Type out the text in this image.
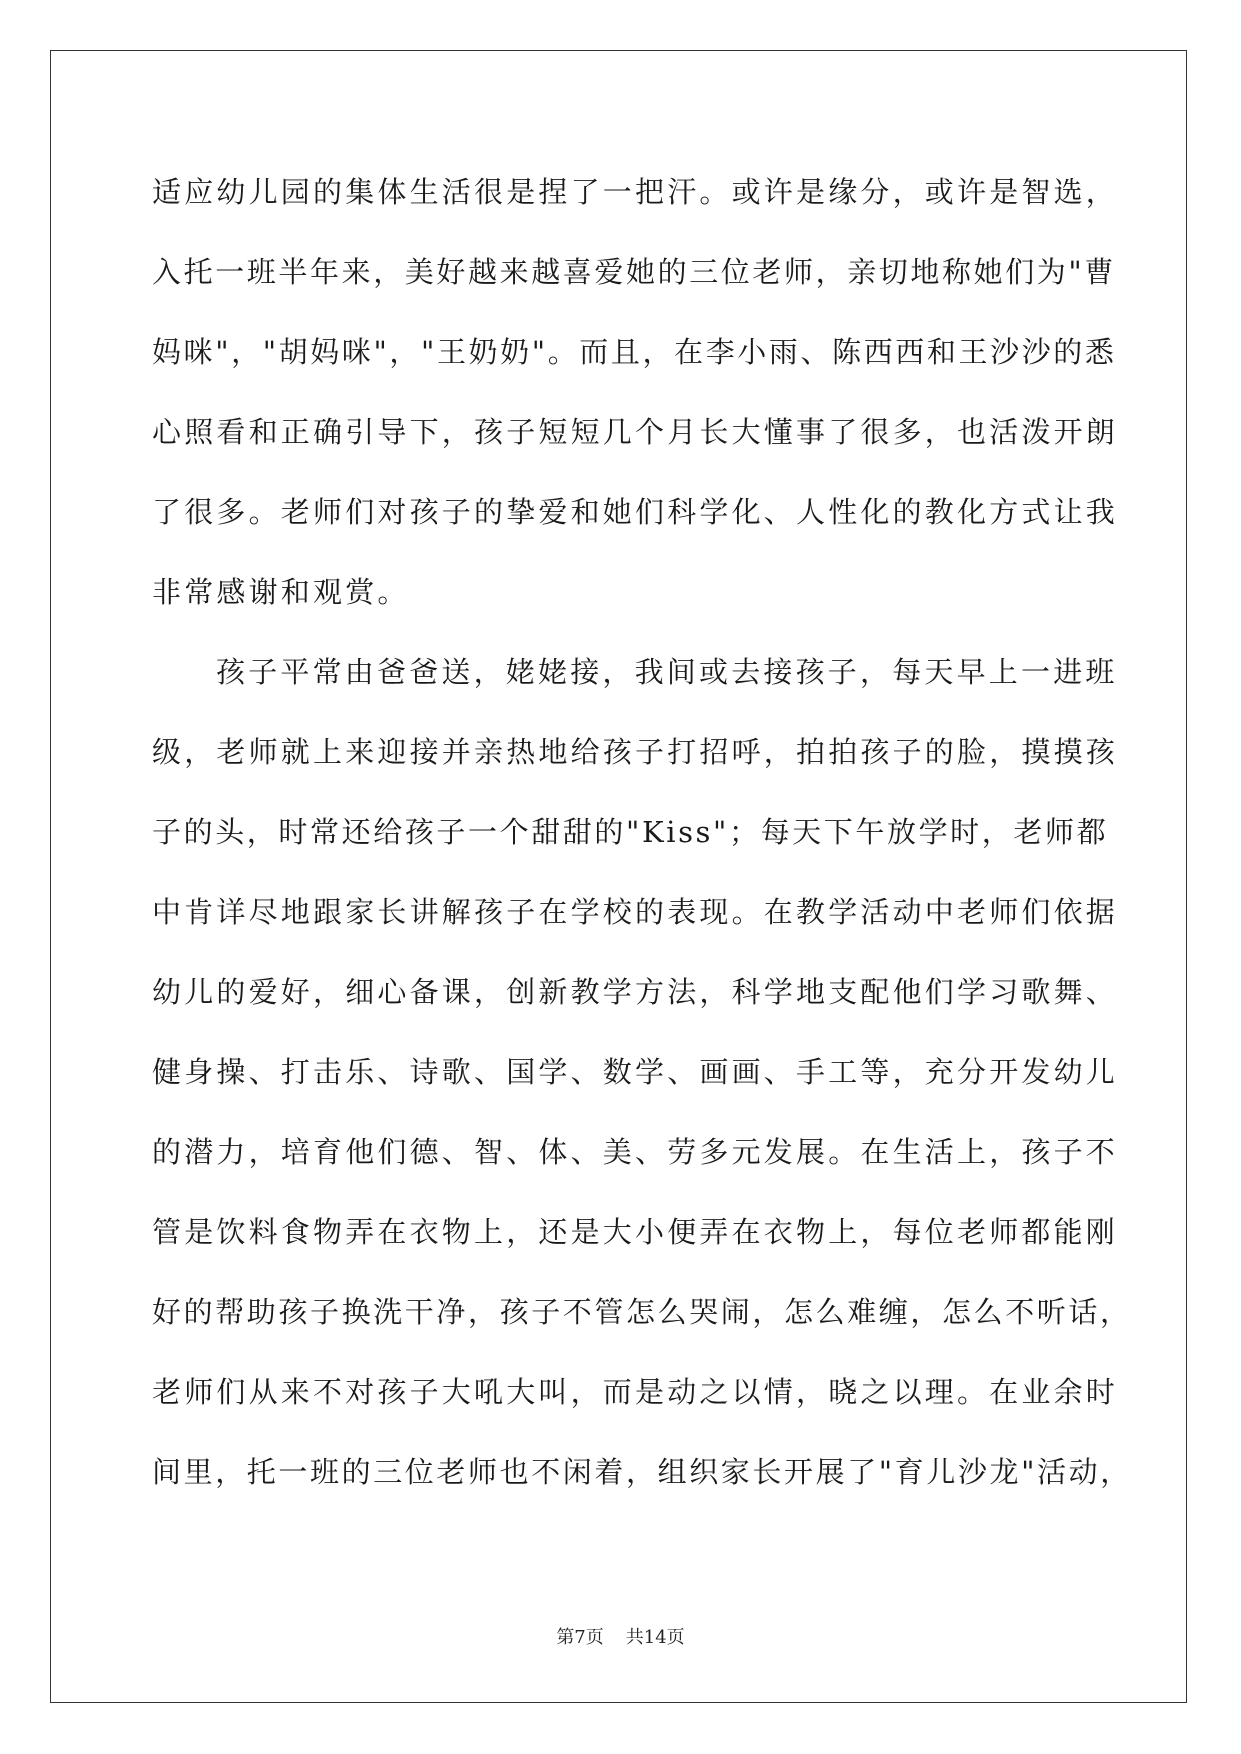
适应幼儿园的集体生活很是捏了一把汗。或许是缘分，或许是智选，
入托一班半年来，美好越来越喜爱她的三位老师，亲切地称她们为"曹
妈咪"，"胡妈咪"，"王奶奶"。而且，在李小雨、陈西西和王沙沙的悉
心照看和正确引导下，孩子短短几个月长大懂事了很多，也活泼开朗
了很多。老师们对孩子的挚爱和她们科学化、人性化的教化方式让我
非常感谢和观赏。
孩子平常由爸爸送，姥姥接，我间或去接孩子，每天早上一进班
级，老师就上来迎接并亲热地给孩子打招呼，拍拍孩子的脸，摸摸孩
子的头，时常还给孩子一个甜甜的"Kiss"；每天下午放学时，老师都
中肯详尽地跟家长讲解孩子在学校的表现。在教学活动中老师们依据
幼儿的爱好，细心备课，创新教学方法，科学地支配他们学习歌舞、
健身操、打击乐、诗歌、国学、数学、画画、手工等，充分开发幼儿
的潜力，培育他们德、智、体、美、劳多元发展。在生活上，孩子不
管是饮料食物弄在衣物上，还是大小便弄在衣物上，每位老师都能刚
好的帮助孩子换洗干净，孩子不管怎么哭闹，怎么难缠，怎么不听话，
老师们从来不对孩子大吼大叫，而是动之以情，晓之以理。在业余时
间里，托一班的三位老师也不闲着，组织家长开展了"育儿沙龙"活动，
第7页 共14页
